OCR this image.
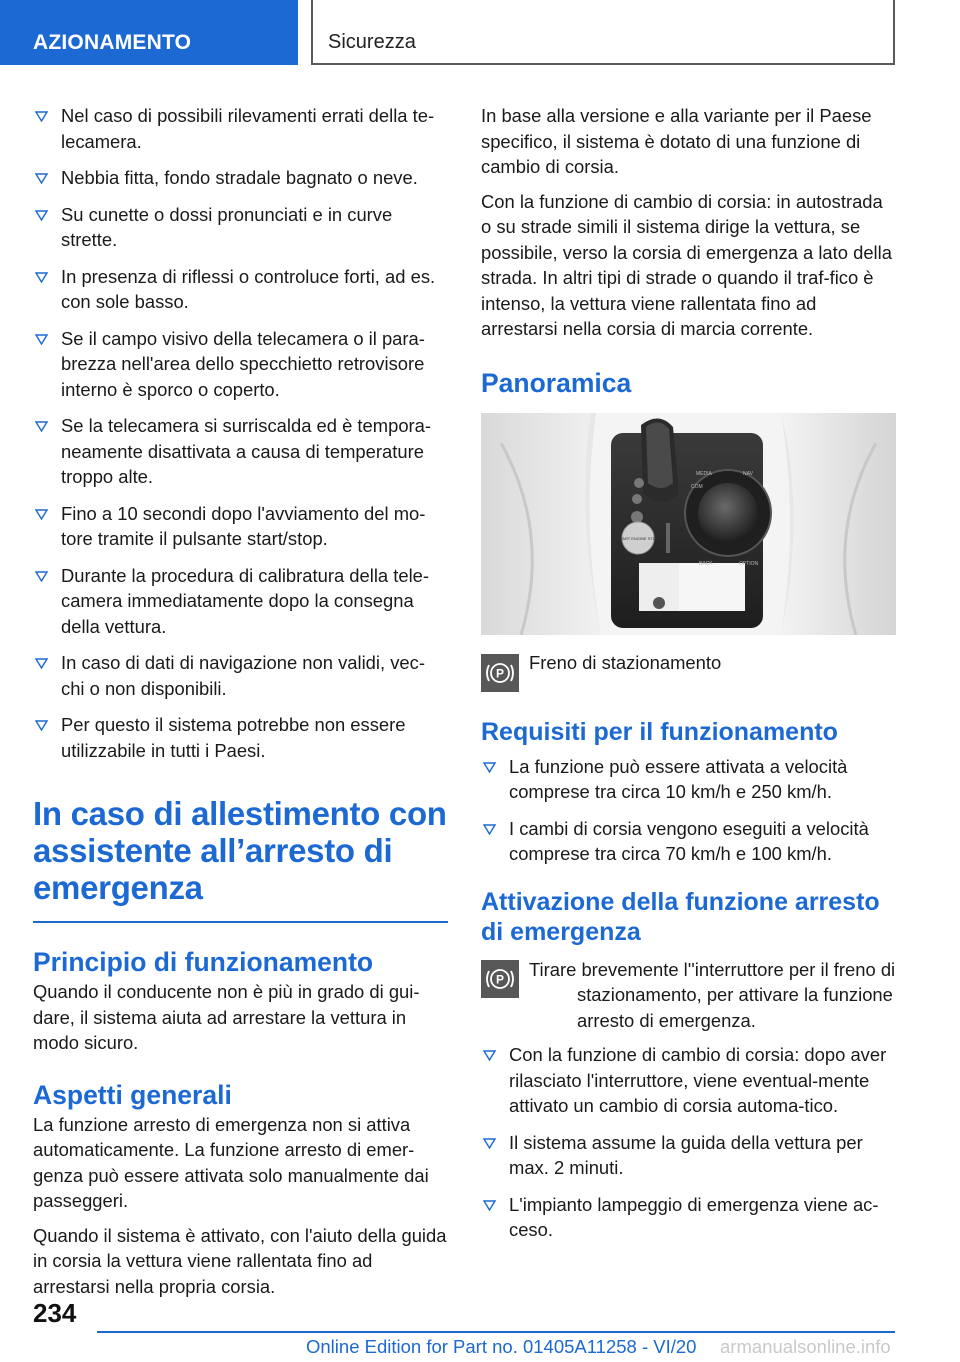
AZIONAMENTO	Sicurezza
Nel caso di possibili rilevamenti errati della te-lecamera.
Nebbia fitta, fondo stradale bagnato o neve.
Su cunette o dossi pronunciati e in curve strette.
In presenza di riflessi o controluce forti, ad es. con sole basso.
Se il campo visivo della telecamera o il para-brezza nell'area dello specchietto retrovisore interno è sporco o coperto.
Se la telecamera si surriscalda ed è tempora-neamente disattivata a causa di temperature troppo alte.
Fino a 10 secondi dopo l'avviamento del mo-tore tramite il pulsante start/stop.
Durante la procedura di calibratura della tele-camera immediatamente dopo la consegna della vettura.
In caso di dati di navigazione non validi, vec-chi o non disponibili.
Per questo il sistema potrebbe non essere utilizzabile in tutti i Paesi.
In caso di allestimento con assistente all’arresto di emergenza
Principio di funzionamento
Quando il conducente non è più in grado di gui-dare, il sistema aiuta ad arrestare la vettura in modo sicuro.
Aspetti generali
La funzione arresto di emergenza non si attiva automaticamente. La funzione arresto di emer-genza può essere attivata solo manualmente dai passeggeri.
Quando il sistema è attivato, con l'aiuto della guida in corsia la vettura viene rallentata fino ad arrestarsi nella propria corsia.
In base alla versione e alla variante per il Paese specifico, il sistema è dotato di una funzione di cambio di corsia.
Con la funzione di cambio di corsia: in autostrada o su strade simili il sistema dirige la vettura, se possibile, verso la corsia di emergenza a lato della strada. In altri tipi di strade o quando il traf-fico è intenso, la vettura viene rallentata fino ad arrestarsi nella corsia di marcia corrente.
Panoramica
START ENGINE STOP
MEDIA	NAV
COM
BACK	OPTION
P
Freno di stazionamento
Requisiti per il funzionamento
La funzione può essere attivata a velocità comprese tra circa 10 km/h e 250 km/h.
I cambi di corsia vengono eseguiti a velocità comprese tra circa 70 km/h e 100 km/h.
Attivazione della funzione arresto di emergenza
P Tirare brevemente l''interruttore per il freno di stazionamento, per attivare la funzione arresto di emergenza.
Con la funzione di cambio di corsia: dopo aver rilasciato l'interruttore, viene eventual-mente attivato un cambio di corsia automa-tico.
Il sistema assume la guida della vettura per max. 2 minuti.
L'impianto lampeggio di emergenza viene ac-ceso.
234
Online Edition for Part no. 01405A11258 - VI/20 armanualsonline.info
